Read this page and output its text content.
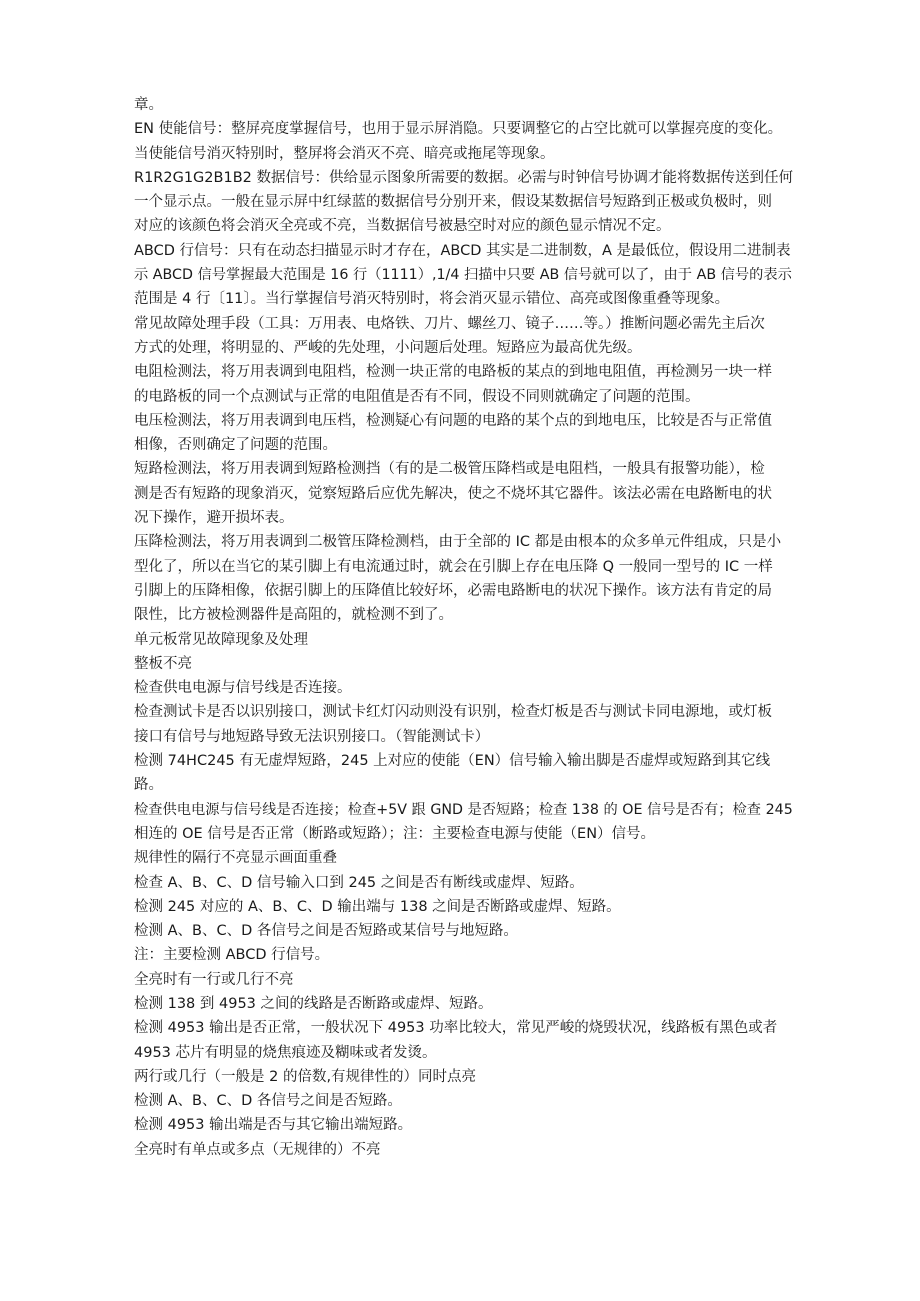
章。
EN 使能信号：整屏亮度掌握信号，也用于显示屏消隐。只要调整它的占空比就可以掌握亮度的变化。
当使能信号消灭特别时，整屏将会消灭不亮、暗亮或拖尾等现象。
R1R2G1G2B1B2 数据信号：供给显示图象所需要的数据。必需与时钟信号协调才能将数据传送到任何
一个显示点。一般在显示屏中红绿蓝的数据信号分别开来，假设某数据信号短路到正极或负极时，则
对应的该颜色将会消灭全亮或不亮，当数据信号被悬空时对应的颜色显示情况不定。
ABCD 行信号：只有在动态扫描显示时才存在，ABCD 其实是二进制数，A 是最低位，假设用二进制表
示 ABCD 信号掌握最大范围是 16 行（1111）,1/4 扫描中只要 AB 信号就可以了，由于 AB 信号的表示
范围是 4 行〔11〕。当行掌握信号消灭特别时，将会消灭显示错位、高亮或图像重叠等现象。
常见故障处理手段（工具：万用表、电烙铁、刀片、螺丝刀、镜子……等。）推断问题必需先主后次
方式的处理，将明显的、严峻的先处理，小问题后处理。短路应为最高优先级。
电阻检测法，将万用表调到电阻档，检测一块正常的电路板的某点的到地电阻值，再检测另一块一样
的电路板的同一个点测试与正常的电阻值是否有不同，假设不同则就确定了问题的范围。
电压检测法，将万用表调到电压档，检测疑心有问题的电路的某个点的到地电压，比较是否与正常值
相像，否则确定了问题的范围。
短路检测法，将万用表调到短路检测挡（有的是二极管压降档或是电阻档，一般具有报警功能），检
测是否有短路的现象消灭，觉察短路后应优先解决，使之不烧坏其它器件。该法必需在电路断电的状
况下操作，避开损坏表。
压降检测法，将万用表调到二极管压降检测档，由于全部的 IC 都是由根本的众多单元件组成，只是小
型化了，所以在当它的某引脚上有电流通过时，就会在引脚上存在电压降 Q 一般同一型号的 IC 一样
引脚上的压降相像，依据引脚上的压降值比较好坏，必需电路断电的状况下操作。该方法有肯定的局
限性，比方被检测器件是高阻的，就检测不到了。
单元板常见故障现象及处理
整板不亮
检查供电电源与信号线是否连接。
检查测试卡是否以识别接口，测试卡红灯闪动则没有识别，检查灯板是否与测试卡同电源地，或灯板
接口有信号与地短路导致无法识别接口。（智能测试卡）
检测 74HC245 有无虚焊短路，245 上对应的使能（EN）信号输入输出脚是否虚焊或短路到其它线
路。
检查供电电源与信号线是否连接；检查+5V 跟 GND 是否短路；检查 138 的 OE 信号是否有；检查 245
相连的 OE 信号是否正常（断路或短路）；注：主要检查电源与使能（EN）信号。
规律性的隔行不亮显示画面重叠
检查 A、B、C、D 信号输入口到 245 之间是否有断线或虚焊、短路。
检测 245 对应的 A、B、C、D 输出端与 138 之间是否断路或虚焊、短路。
检测 A、B、C、D 各信号之间是否短路或某信号与地短路。
注：主要检测 ABCD 行信号。
全亮时有一行或几行不亮
检测 138 到 4953 之间的线路是否断路或虚焊、短路。
检测 4953 输出是否正常，一般状况下 4953 功率比较大，常见严峻的烧毁状况，线路板有黑色或者
4953 芯片有明显的烧焦痕迹及糊味或者发烫。
两行或几行（一般是 2 的倍数,有规律性的）同时点亮
检测 A、B、C、D 各信号之间是否短路。
检测 4953 输出端是否与其它输出端短路。
全亮时有单点或多点（无规律的）不亮
